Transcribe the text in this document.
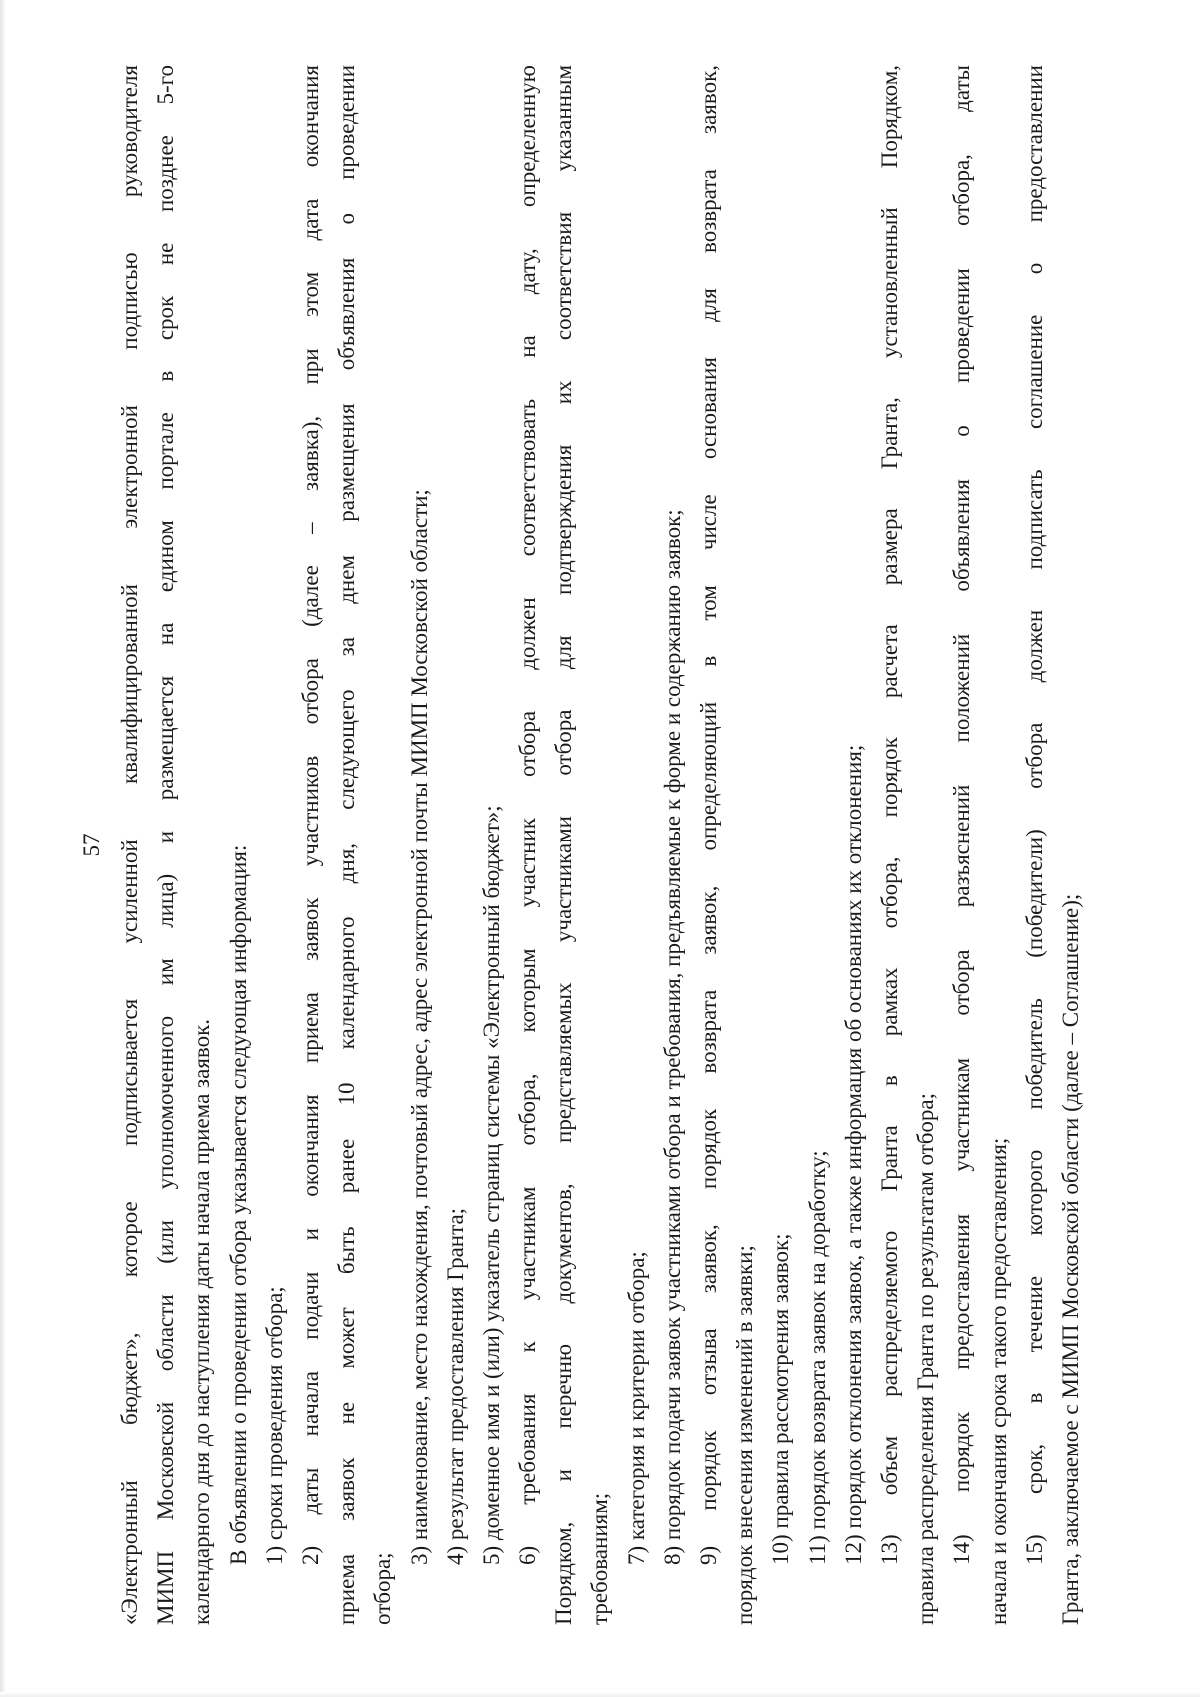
57 «Электронный бюджет», которое подписывается усиленной квалифицированной электронной подписью руководителя МИМП Московской области (или уполномоченного им лица) и размещается на едином портале в срок не позднее 5-го календарного дня до наступления даты начала приема заявок. В объявлении о проведении отбора указывается следующая информация: 1) сроки проведения отбора; 2) даты начала подачи и окончания приема заявок участников отбора (далее – заявка), при этом дата окончания приема заявок не может быть ранее 10 календарного дня, следующего за днем размещения объявления о проведении отбора;
3) наименование, место нахождения, почтовый адрес, адрес электронной почты МИМП Московской области; 4) результат предоставления Гранта; 5) доменное имя и (или) указатель страниц системы «Электронный бюджет»; 6) требования к участникам отбора, которым участник отбора должен соответствовать на дату, определенную Порядком, и перечню документов, представляемых участниками отбора для подтверждения их соответствия указанным требованиям; 7) категория и критерии отбора; 8) порядок подачи заявок участниками отбора и требования, предъявляемые к форме и содержанию заявок; 9) порядок отзыва заявок, порядок возврата заявок, определяющий в том числе основания для возврата заявок, порядок внесения изменений в заявки; 10) правила рассмотрения заявок; 11) порядок возврата заявок на доработку; 12) порядок отклонения заявок, а также информация об основаниях их отклонения; 13) объем распределяемого Гранта в рамках отбора, порядок расчета размера Гранта, установленный Порядком, правила распределения Гранта по результатам отбора; 14) порядок предоставления участникам отбора разъяснений положений объявления о проведении отбора, даты начала и окончания срока такого предоставления; 15) срок, в течение которого победитель (победители) отбора должен подписать соглашение о предоставлении Гранта, заключаемое с МИМП Московской области (далее – Соглашение);
